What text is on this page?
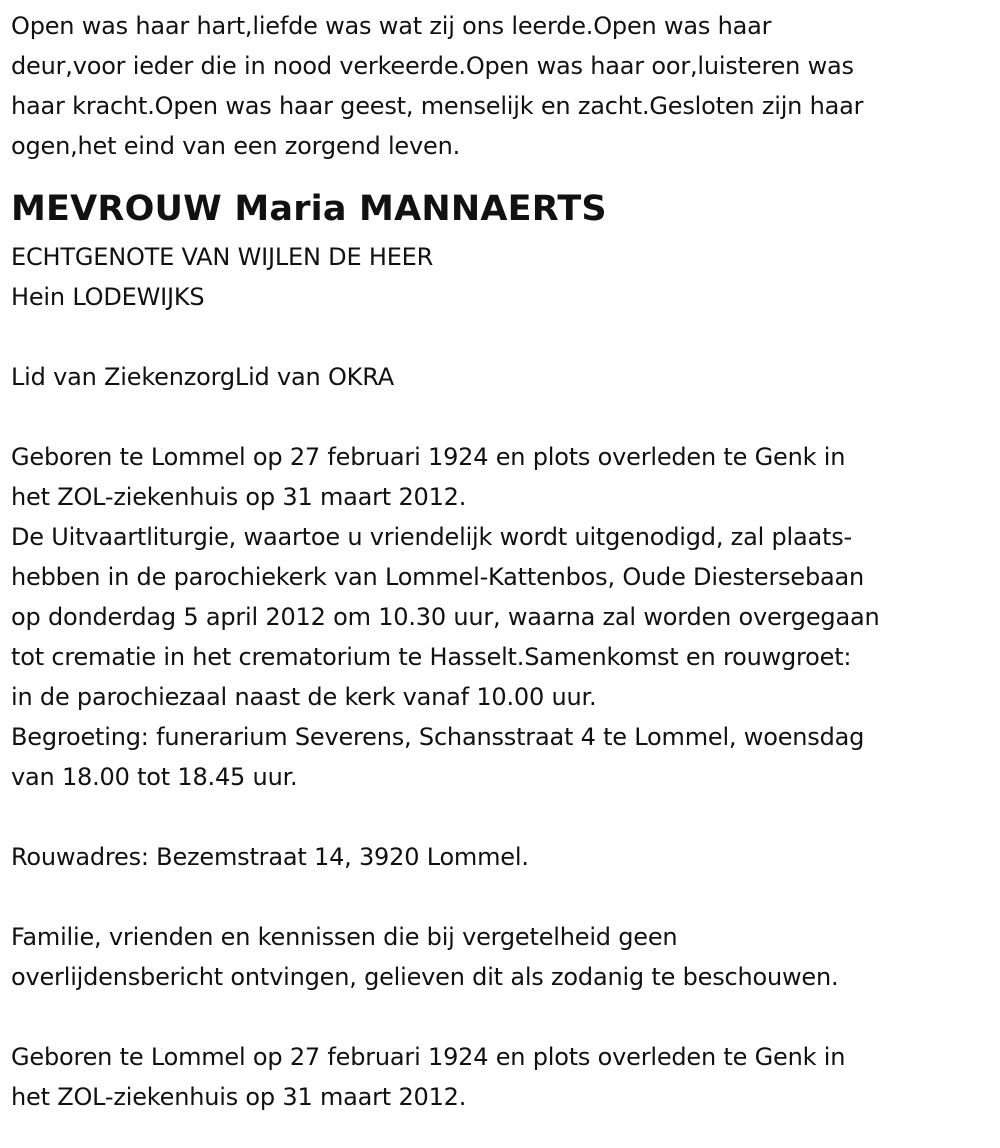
Open was haar hart,liefde was wat zij ons leerde.Open was haar

deur,voor ieder die in nood verkeerde.Open was haar oor,luisteren was

haar kracht.Open was haar geest, menselijk en zacht.Gesloten zijn haar

ogen,het eind van een zorgend leven.

MEVROUW Maria MANNAERTS

ECHTGENOTE VAN WIJLEN DE HEER

Hein LODEWIJKS

Lid van ZiekenzorgLid van OKRA

Geboren te Lommel op 27 februari 1924 en plots overleden te Genk in

het ZOL-ziekenhuis op 31 maart 2012.

De Uitvaartliturgie, waartoe u vriendelijk wordt uitgenodigd, zal plaats-

hebben in de parochiekerk van Lommel-Kattenbos, Oude Diestersebaan

op donderdag 5 april 2012 om 10.30 uur, waarna zal worden overgegaan

tot crematie in het crematorium te Hasselt.Samenkomst en rouwgroet:

in de parochiezaal naast de kerk vanaf 10.00 uur.

Begroeting: funerarium Severens, Schansstraat 4 te Lommel, woensdag

van 18.00 tot 18.45 uur.

Rouwadres: Bezemstraat 14, 3920 Lommel.

Familie, vrienden en kennissen die bij vergetelheid geen

overlijdensbericht ontvingen, gelieven dit als zodanig te beschouwen.

Geboren te Lommel op 27 februari 1924 en plots overleden te Genk in

het ZOL-ziekenhuis op 31 maart 2012.
